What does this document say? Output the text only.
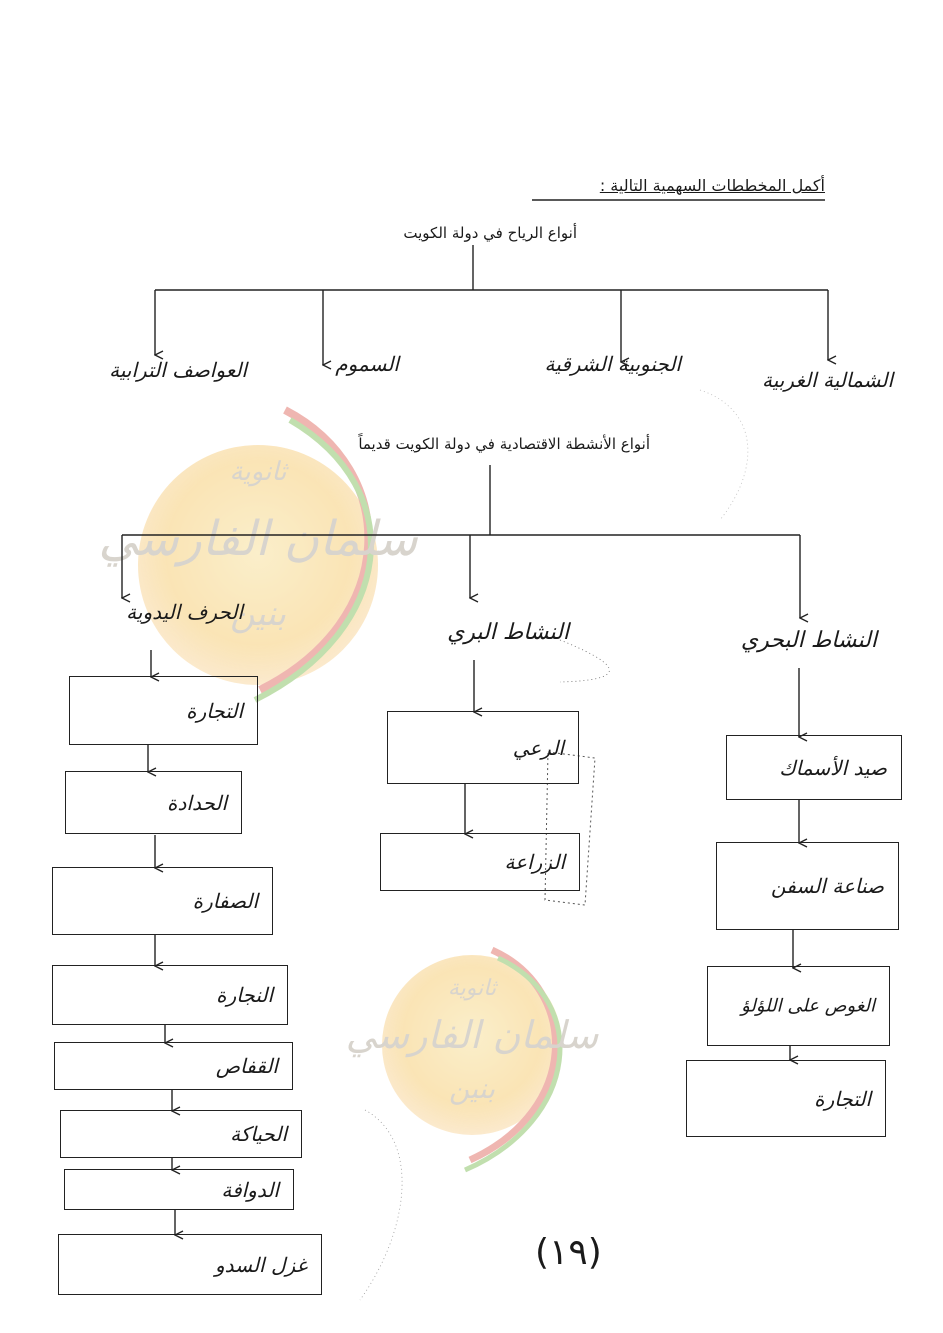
ثانوية
سلمان الفارسي
بنين
ثانوية
سلمان الفارسي
بنين
أكمل المخططات السهمية التالية :
أنواع الرياح في دولة الكويت
الشمالية الغربية
الجنوبية الشرقية
السموم
العواصف الترابية
أنواع الأنشطة الاقتصادية في دولة الكويت قديماً
النشاط البحري
النشاط البري
الحرف اليدوية
صيد الأسماك
صناعة السفن
الغوص على اللؤلؤ
التجارة
الرعي
الزراعة
التجارة
الحدادة
الصفارة
النجارة
القفاص
الحياكة
الدوافة
غزل السدو	(١٩)
